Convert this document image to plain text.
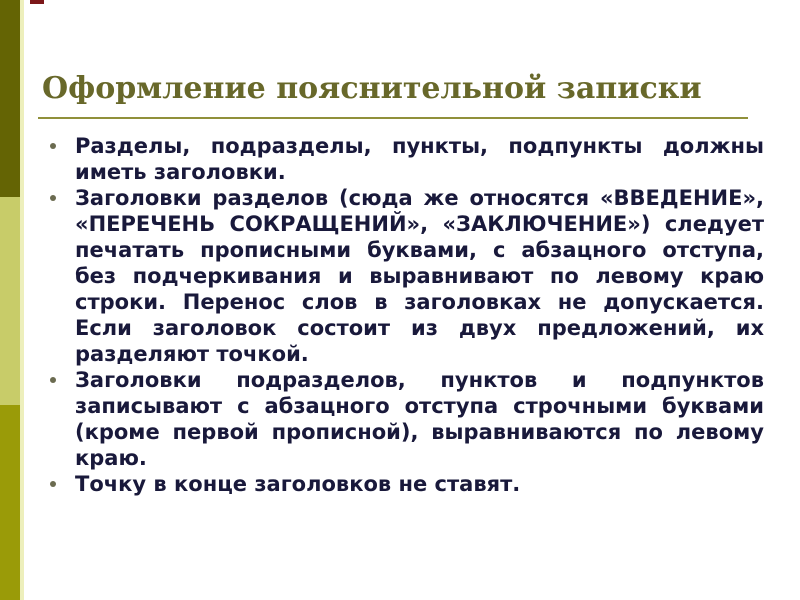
Оформление пояснительной записки
Разделы, подразделы, пункты, подпункты должны иметь заголовки.
Заголовки разделов (сюда же относятся «ВВЕДЕНИЕ», «ПЕРЕЧЕНЬ СОКРАЩЕНИЙ», «ЗАКЛЮЧЕНИЕ») следует печатать прописными буквами, с абзацного отступа, без подчеркивания и выравнивают по левому краю строки. Перенос слов в заголовках не допускается. Если заголовок состоит из двух предложений, их разделяют точкой.
Заголовки подразделов, пунктов и подпунктов записывают с абзацного отступа строчными буквами (кроме первой прописной), выравниваются по левому краю.
Точку в конце заголовков не ставят.
